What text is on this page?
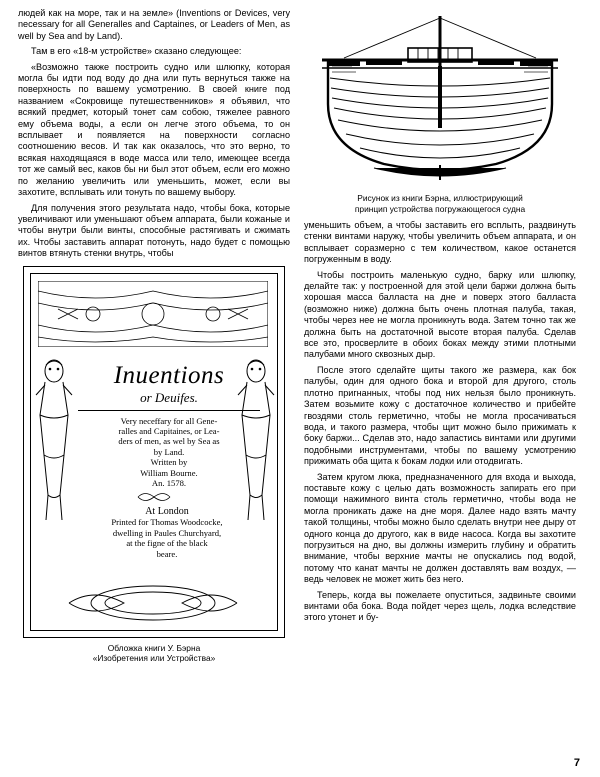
людей как на море, так и на земле» (Inventions or Devices, very necessary for all Generalles and Captaines, or Leaders of Men, as well by Sea and by Land).

Там в его «18-м устройстве» сказано следующее:

«Возможно также построить судно или шлюпку, которая могла бы идти под воду до дна или путь вернуться также на поверхность по вашему усмотрению. В своей книге под названием «Сокровище путешественников» я объявил, что всякий предмет, который тонет сам собою, тяжелее равного ему объема воды, а если он легче этого объема, то он всплывает и появляется на поверхности согласно соотношению весов. И так как оказалось, что это верно, то всякая находящаяся в воде масса или тело, имеющее всегда тот же самый вес, каков бы ни был этот объем, если его можно по желанию увеличить или уменьшить, может, если вы захотите, всплывать или тонуть по вашему выбору.

Для получения этого результата надо, чтобы бока, которые увеличивают или уменьшают объем аппарата, были кожаные и чтобы внутри были винты, способные растягивать и сжимать их. Чтобы заставить аппарат потонуть, надо будет с помощью винтов втянуть стенки внутрь, чтобы

Inuentions
or Deuifes.
Very neceffary for all Gene-
ralles and Capitaines, or Lea-
ders of men, as wel by Sea as
by Land.
Written by
William Bourne.
An. 1578.
At London
Printed for Thomas Woodcocke,
dwelling in Paules Churchyard,
at the figne of the black
beare.
Обложка книги У. Бэрна
«Изобретения или Устройства»
Рисунок из книги Бэрна, иллюстрирующий
принцип устройства погружающегося судна

уменьшить объем, а чтобы заставить его всплыть, раздвинуть стенки винтами наружу, чтобы увеличить объем аппарата, и он всплывает соразмерно с тем количеством, какое останется погруженным в воду.

Чтобы построить маленькую судно, барку или шлюпку, делайте так: у построенной для этой цели баржи должна быть хорошая масса балласта на дне и поверх этого балласта (возможно ниже) должна быть очень плотная палуба, такая, чтобы через нее не могла проникнуть вода. Затем точно так же должна быть на достаточной высоте вторая палуба. Сделав все это, просверлите в обоих боках между этими плотными палубами много сквозных дыр.

После этого сделайте щиты такого же размера, как бок палубы, один для одного бока и второй для другого, столь плотно пригнанных, чтобы под них нельзя было проникнуть. Затем возьмите кожу с достаточное количество и прибейте гвоздями столь герметично, чтобы не могла просачиваться вода, и такого размера, чтобы щит можно было прижимать к боку баржи... Сделав это, надо запастись винтами или другими подобными инструментами, чтобы по вашему усмотрению прижимать оба щита к бокам лодки или отодвигать.

Затем кругом люка, предназначенного для входа и выхода, поставьте кожу с целью дать возможность запирать его при помощи нажимного винта столь герметично, чтобы вода не могла проникать даже на дне моря. Далее надо взять мачту такой толщины, чтобы можно было сделать внутри нее дыру от одного конца до другого, как в виде насоса. Когда вы захотите погрузиться на дно, вы должны измерить глубину и обратить внимание, чтобы верхние мачты не опускались под водой, потому что канат мачты не должен доставлять вам воздух, — ведь человек не может жить без него.

Теперь, когда вы пожелаете опуститься, задвиньте своими винтами оба бока. Вода пойдет через щель, лодка вследствие этого утонет и бу-

7
